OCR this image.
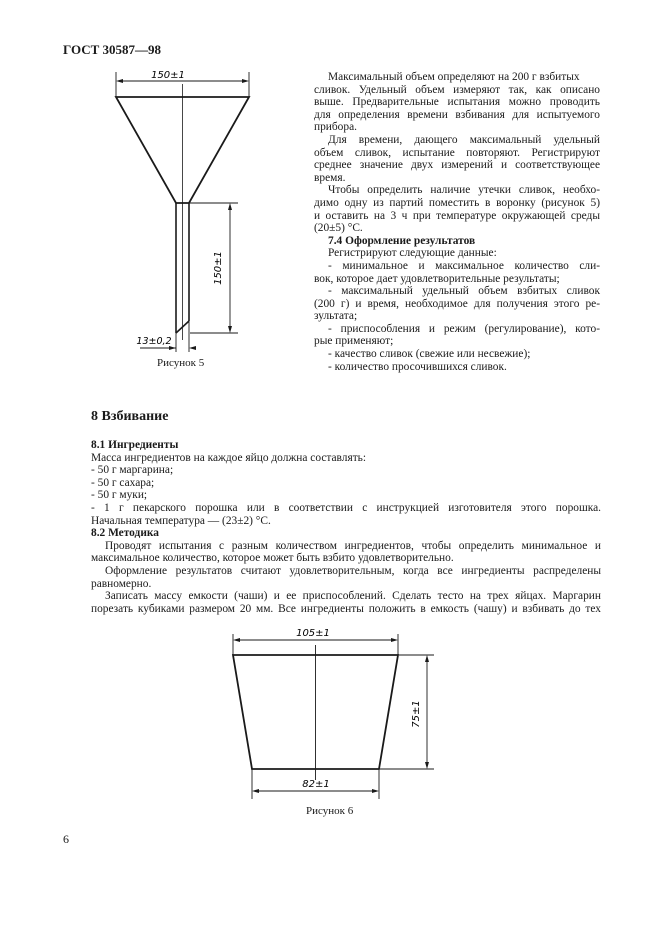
ГОСТ 30587—98
150±1
150±1
13±0,2
Рисунок 5
Максимальный объем определяют на 200 г взбитых
сливок. Удельный объем измеряют так, как описано
выше. Предварительные испытания можно проводить
для определения времени взбивания для испытуемого
прибора.
Для времени, дающего максимальный удельный
объем сливок, испытание повторяют. Регистрируют
среднее значение двух измерений и соответствующее
время.
Чтобы определить наличие утечки сливок, необхо-
димо одну из партий поместить в воронку (рисунок 5)
и оставить на 3 ч при температуре окружающей среды
(20±5) °С.
7.4 Оформление результатов
Регистрируют следующие данные:
- минимальное и максимальное количество сли-
вок, которое дает удовлетворительные результаты;
- максимальный удельный объем взбитых сливок
(200 г) и время, необходимое для получения этого ре-
зультата;
- приспособления и режим (регулирование), кото-
рые применяют;
- качество сливок (свежие или несвежие);
- количество просочившихся сливок.
8 Взбивание
8.1 Ингредиенты
Масса ингредиентов на каждое яйцо должна составлять:
- 50 г маргарина;
- 50 г сахара;
- 50 г муки;
- 1 г пекарского порошка или в соответствии с инструкцией изготовителя этого порошка.
Начальная температура — (23±2) °С.
8.2 Методика
Проводят испытания с разным количеством ингредиентов, чтобы определить минимальное и
максимальное количество, которое может быть взбито удовлетворительно.
Оформление результатов считают удовлетворительным, когда все ингредиенты распределены
равномерно.
Записать массу емкости (чаши) и ее приспособлений. Сделать тесто на трех яйцах. Маргарин
порезать кубиками размером 20 мм. Все ингредиенты положить в емкость (чашу) и взбивать до тех
105±1
75±1
82±1
Рисунок 6
6
